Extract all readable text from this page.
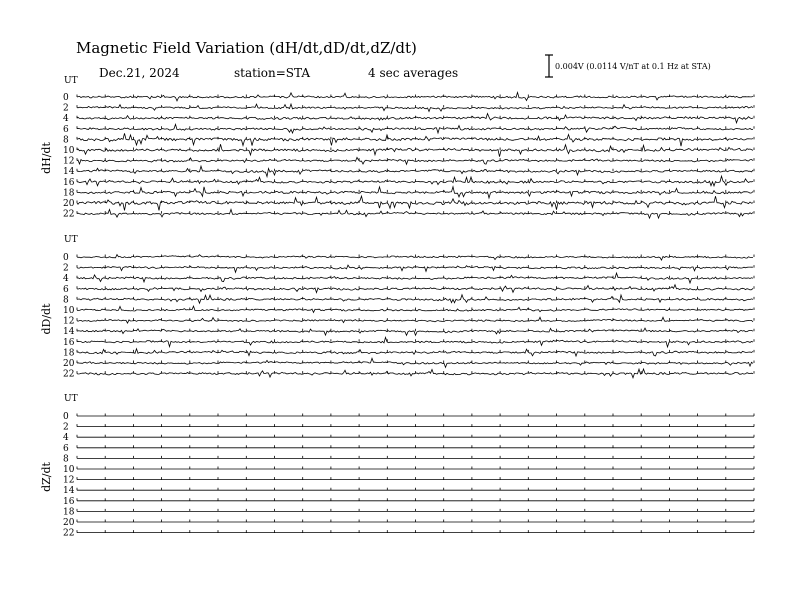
Magnetic Field Variation (dH/dt,dD/dt,dZ/dt)
Dec.21, 2024	station=STA	4 sec averages	0.004V (0.0114 V/nT at 0.1 Hz at STA)
UT
dH/dt
0
2
4
6
8
10
12
14
16
18
20
22
UT
dD/dt
0
2
4
6
8
10
12
14
16
18
20
22
UT
dZ/dt
0
2
4
6
8
10
12
14
16
18
20
22
